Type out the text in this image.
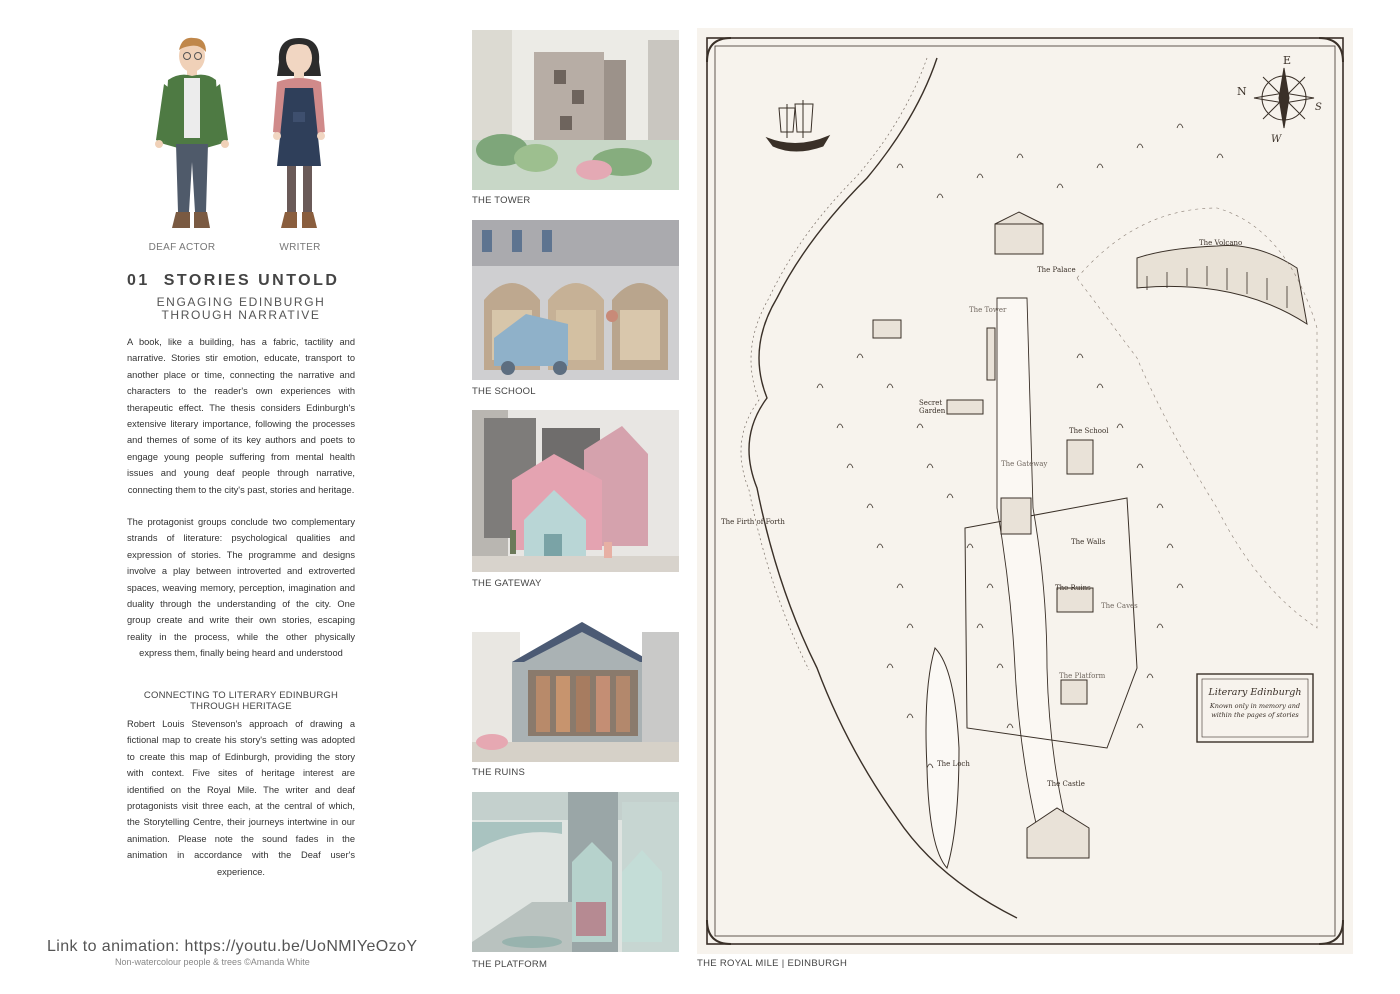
DEAF ACTOR	WRITER
01 STORIES UNTOLD
ENGAGING EDINBURGH THROUGH NARRATIVE
A book, like a building, has a fabric, tactility and narrative. Stories stir emotion, educate, transport to another place or time, connecting the narrative and characters to the reader's own experiences with therapeutic effect. The thesis considers Edinburgh's extensive literary importance, following the processes and themes of some of its key authors and poets to engage young people suffering from mental health issues and young deaf people through narrative, connecting them to the city's past, stories and heritage.
The protagonist groups conclude two complementary strands of literature: psychological qualities and expression of stories. The programme and designs involve a play between introverted and extroverted spaces, weaving memory, perception, imagination and duality through the understanding of the city. One group create and write their own stories, escaping reality in the process, while the other physically express them, finally being heard and understood
CONNECTING TO LITERARY EDINBURGH THROUGH HERITAGE
Robert Louis Stevenson's approach of drawing a fictional map to create his story's setting was adopted to create this map of Edinburgh, providing the story with context. Five sites of heritage interest are identified on the Royal Mile. The writer and deaf protagonists visit three each, at the central of which, the Storytelling Centre, their journeys intertwine in our animation. Please note the sound fades in the animation in accordance with the Deaf user's experience.
Link to animation: https://youtu.be/UoNMIYeOzoY
Non-watercolour people & trees ©Amanda White
THE TOWER
THE SCHOOL
THE GATEWAY
THE RUINS
THE PLATFORM
E
N
S
W
The Volcano
The Palace
The Tower
Secret
Garden
The School
The Gateway
The Firth of Forth
The Walls
The Ruins
The Caves
The Platform
The Loch
The Castle
Literary Edinburgh
Known only in memory and within the pages of stories
THE ROYAL MILE | EDINBURGH
